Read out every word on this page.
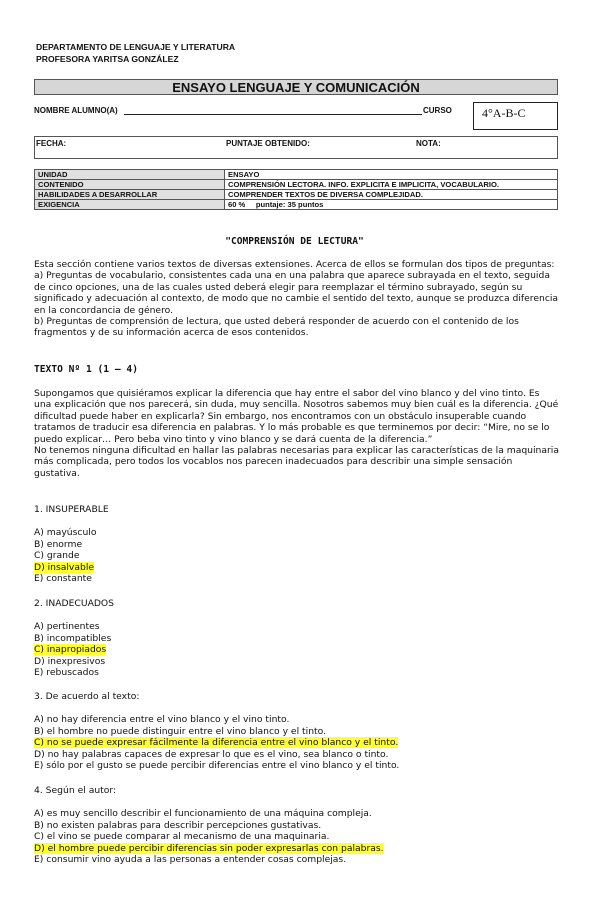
DEPARTAMENTO DE LENGUAJE Y LITERATURA
PROFESORA YARITSA GONZÁLEZ
ENSAYO LENGUAJE Y COMUNICACIÓN
NOMBRE ALUMNO(A)	CURSO	4°A-B-C
FECHA:	PUNTAJE OBTENIDO:	NOTA:
UNIDAD	ENSAYO
CONTENIDO	COMPRENSIÓN LECTORA. INFO. EXPLICITA E IMPLICITA, VOCABULARIO.
HABILIDADES A DESARROLLAR	COMPRENDER TEXTOS DE DIVERSA COMPLEJIDAD.
EXIGENCIA	60 %     puntaje: 35 puntos
"COMPRENSIÓN DE LECTURA"

Esta sección contiene varios textos de diversas extensiones. Acerca de ellos se formulan dos tipos de preguntas:

a) Preguntas de vocabulario, consistentes cada una en una palabra que aparece subrayada en el texto, seguida de cinco opciones, una de las cuales usted deberá elegir para reemplazar el término subrayado, según su significado y adecuación al contexto, de modo que no cambie el sentido del texto, aunque se produzca diferencia en la concordancia de género.

b) Preguntas de comprensión de lectura, que usted deberá responder de acuerdo con el contenido de los fragmentos y de su información acerca de esos contenidos.

TEXTO Nº 1 (1 – 4)

Supongamos que quisiéramos explicar la diferencia que hay entre el sabor del vino blanco y del vino tinto. Es una explicación que nos parecerá, sin duda, muy sencilla. Nosotros sabemos muy bien cuál es la diferencia. ¿Qué dificultad puede haber en explicarla? Sin embargo, nos encontramos con un obstáculo insuperable cuando tratamos de traducir esa diferencia en palabras. Y lo más probable es que terminemos por decir: “Mire, no se lo puedo explicar… Pero beba vino tinto y vino blanco y se dará cuenta de la diferencia.”

No tenemos ninguna dificultad en hallar las palabras necesarias para explicar las características de la maquinaria más complicada, pero todos los vocablos nos parecen inadecuados para describir una simple sensación gustativa.

1. INSUPERABLE
A) mayúsculo
B) enorme
C) grande
D) insalvable
E) constante
2. INADECUADOS
A) pertinentes
B) incompatibles
C) inapropiados
D) inexpresivos
E) rebuscados
3. De acuerdo al texto:
A) no hay diferencia entre el vino blanco y el vino tinto.
B) el hombre no puede distinguir entre el vino blanco y el tinto.
C) no se puede expresar fácilmente la diferencia entre el vino blanco y el tinto.
D) no hay palabras capaces de expresar lo que es el vino, sea blanco o tinto.
E) sólo por el gusto se puede percibir diferencias entre el vino blanco y el tinto.
4. Según el autor:
A) es muy sencillo describir el funcionamiento de una máquina compleja.
B) no existen palabras para describir percepciones gustativas.
C) el vino se puede comparar al mecanismo de una maquinaria.
D) el hombre puede percibir diferencias sin poder expresarlas con palabras.
E) consumir vino ayuda a las personas a entender cosas complejas.
